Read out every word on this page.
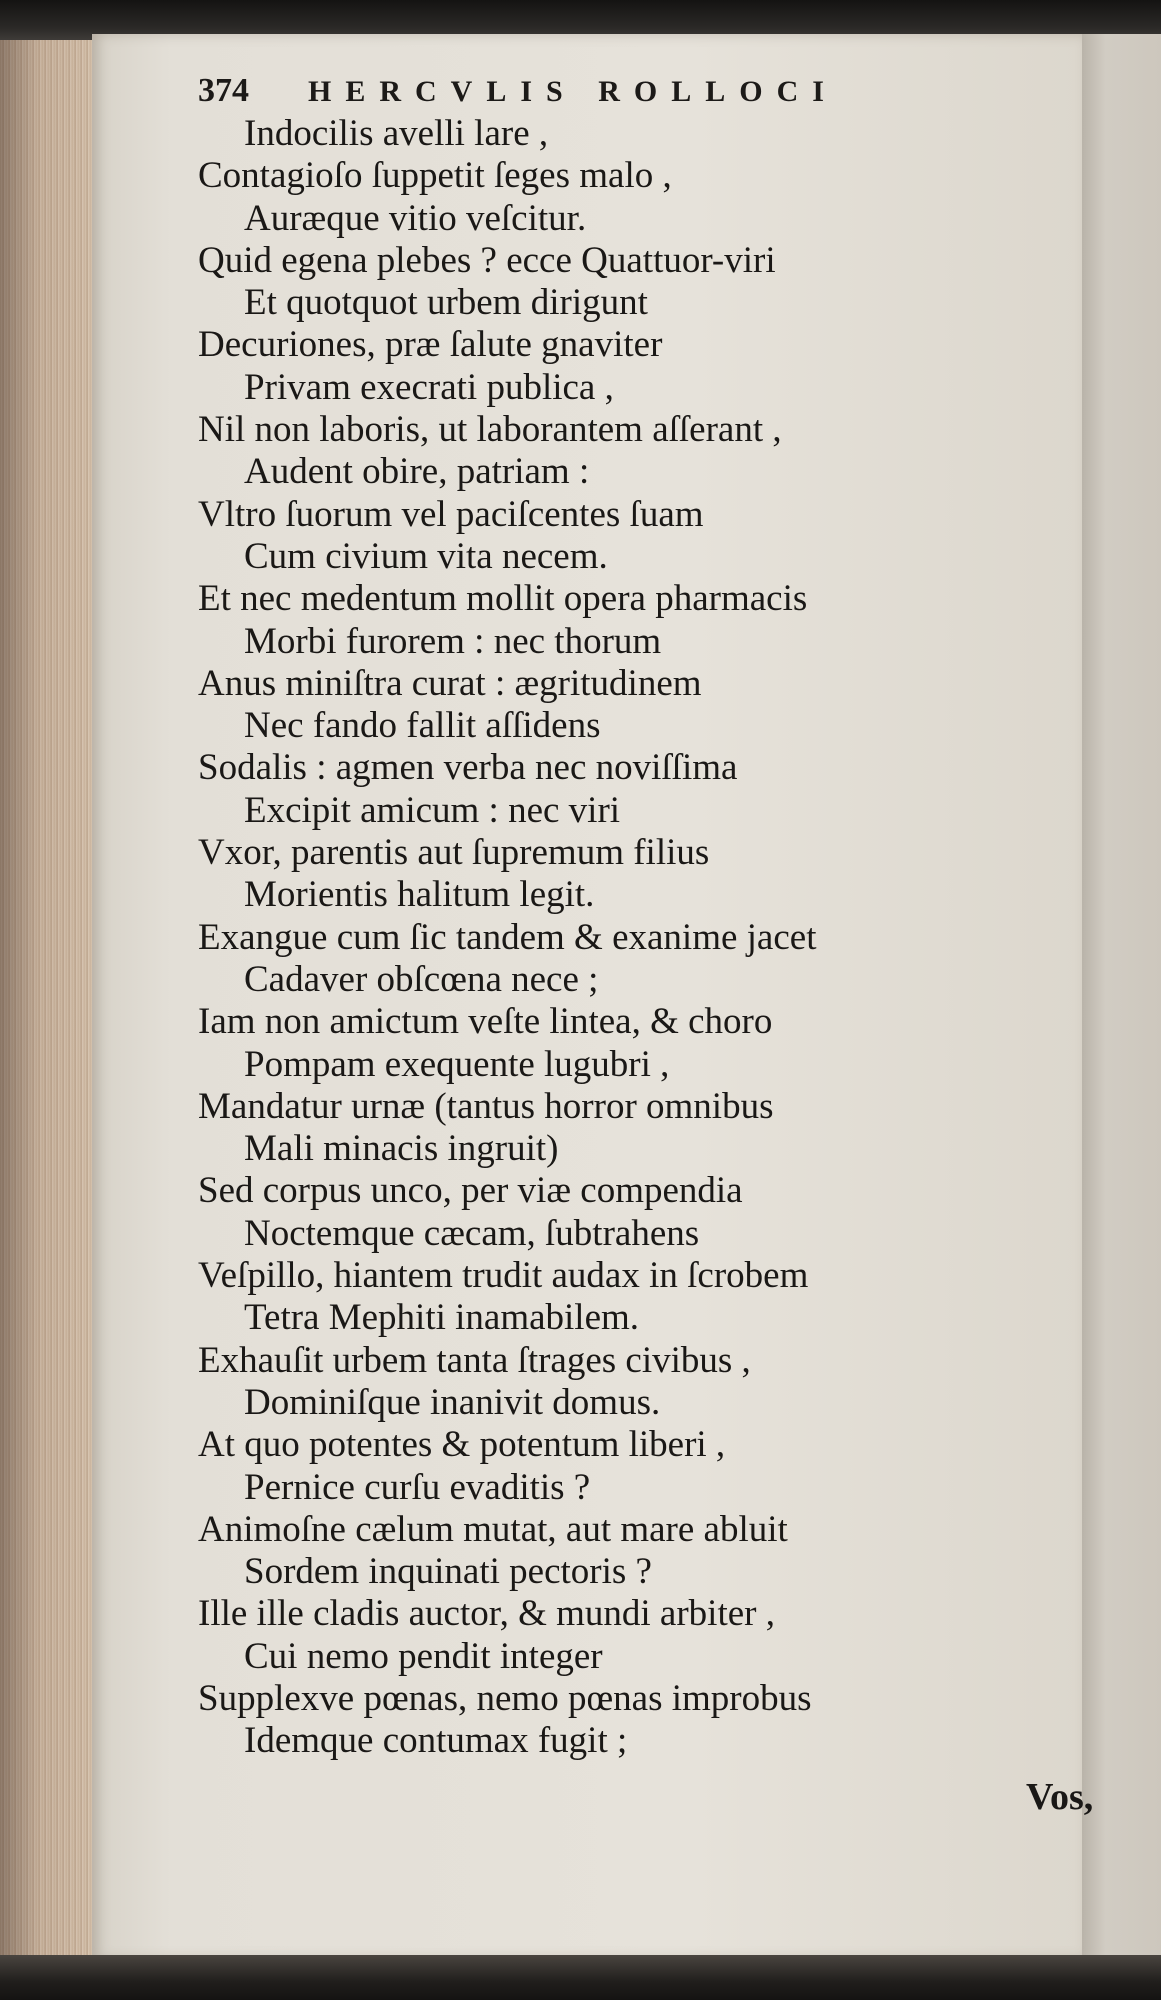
374	HERCVLIS ROLLOCI
Indocilis avelli lare ,
Contagioſo ſuppetit ſeges malo ,
Auræque vitio veſcitur.
Quid egena plebes ? ecce Quattuor-viri
Et quotquot urbem dirigunt
Decuriones, præ ſalute gnaviter
Privam execrati publica ,
Nil non laboris, ut laborantem aſſerant ,
Audent obire, patriam :
Vltro ſuorum vel paciſcentes ſuam
Cum civium vita necem.
Et nec medentum mollit opera pharmacis
Morbi furorem : nec thorum
Anus miniſtra curat : ægritudinem
Nec fando fallit aſſidens
Sodalis : agmen verba nec noviſſima
Excipit amicum : nec viri
Vxor, parentis aut ſupremum filius
Morientis halitum legit.
Exangue cum ſic tandem & exanime jacet
Cadaver obſcœna nece ;
Iam non amictum veſte lintea, & choro
Pompam exequente lugubri ,
Mandatur urnæ (tantus horror omnibus
Mali minacis ingruit)
Sed corpus unco, per viæ compendia
Noctemque cæcam, ſubtrahens
Veſpillo, hiantem trudit audax in ſcrobem
Tetra Mephiti inamabilem.
Exhauſit urbem tanta ſtrages civibus ,
Dominiſque inanivit domus.
At quo potentes & potentum liberi ,
Pernice curſu evaditis ?
Animoſne cælum mutat, aut mare abluit
Sordem inquinati pectoris ?
Ille ille cladis auctor, & mundi arbiter ,
Cui nemo pendit integer
Supplexve pœnas, nemo pœnas improbus
Idemque contumax fugit ;
Vos,
